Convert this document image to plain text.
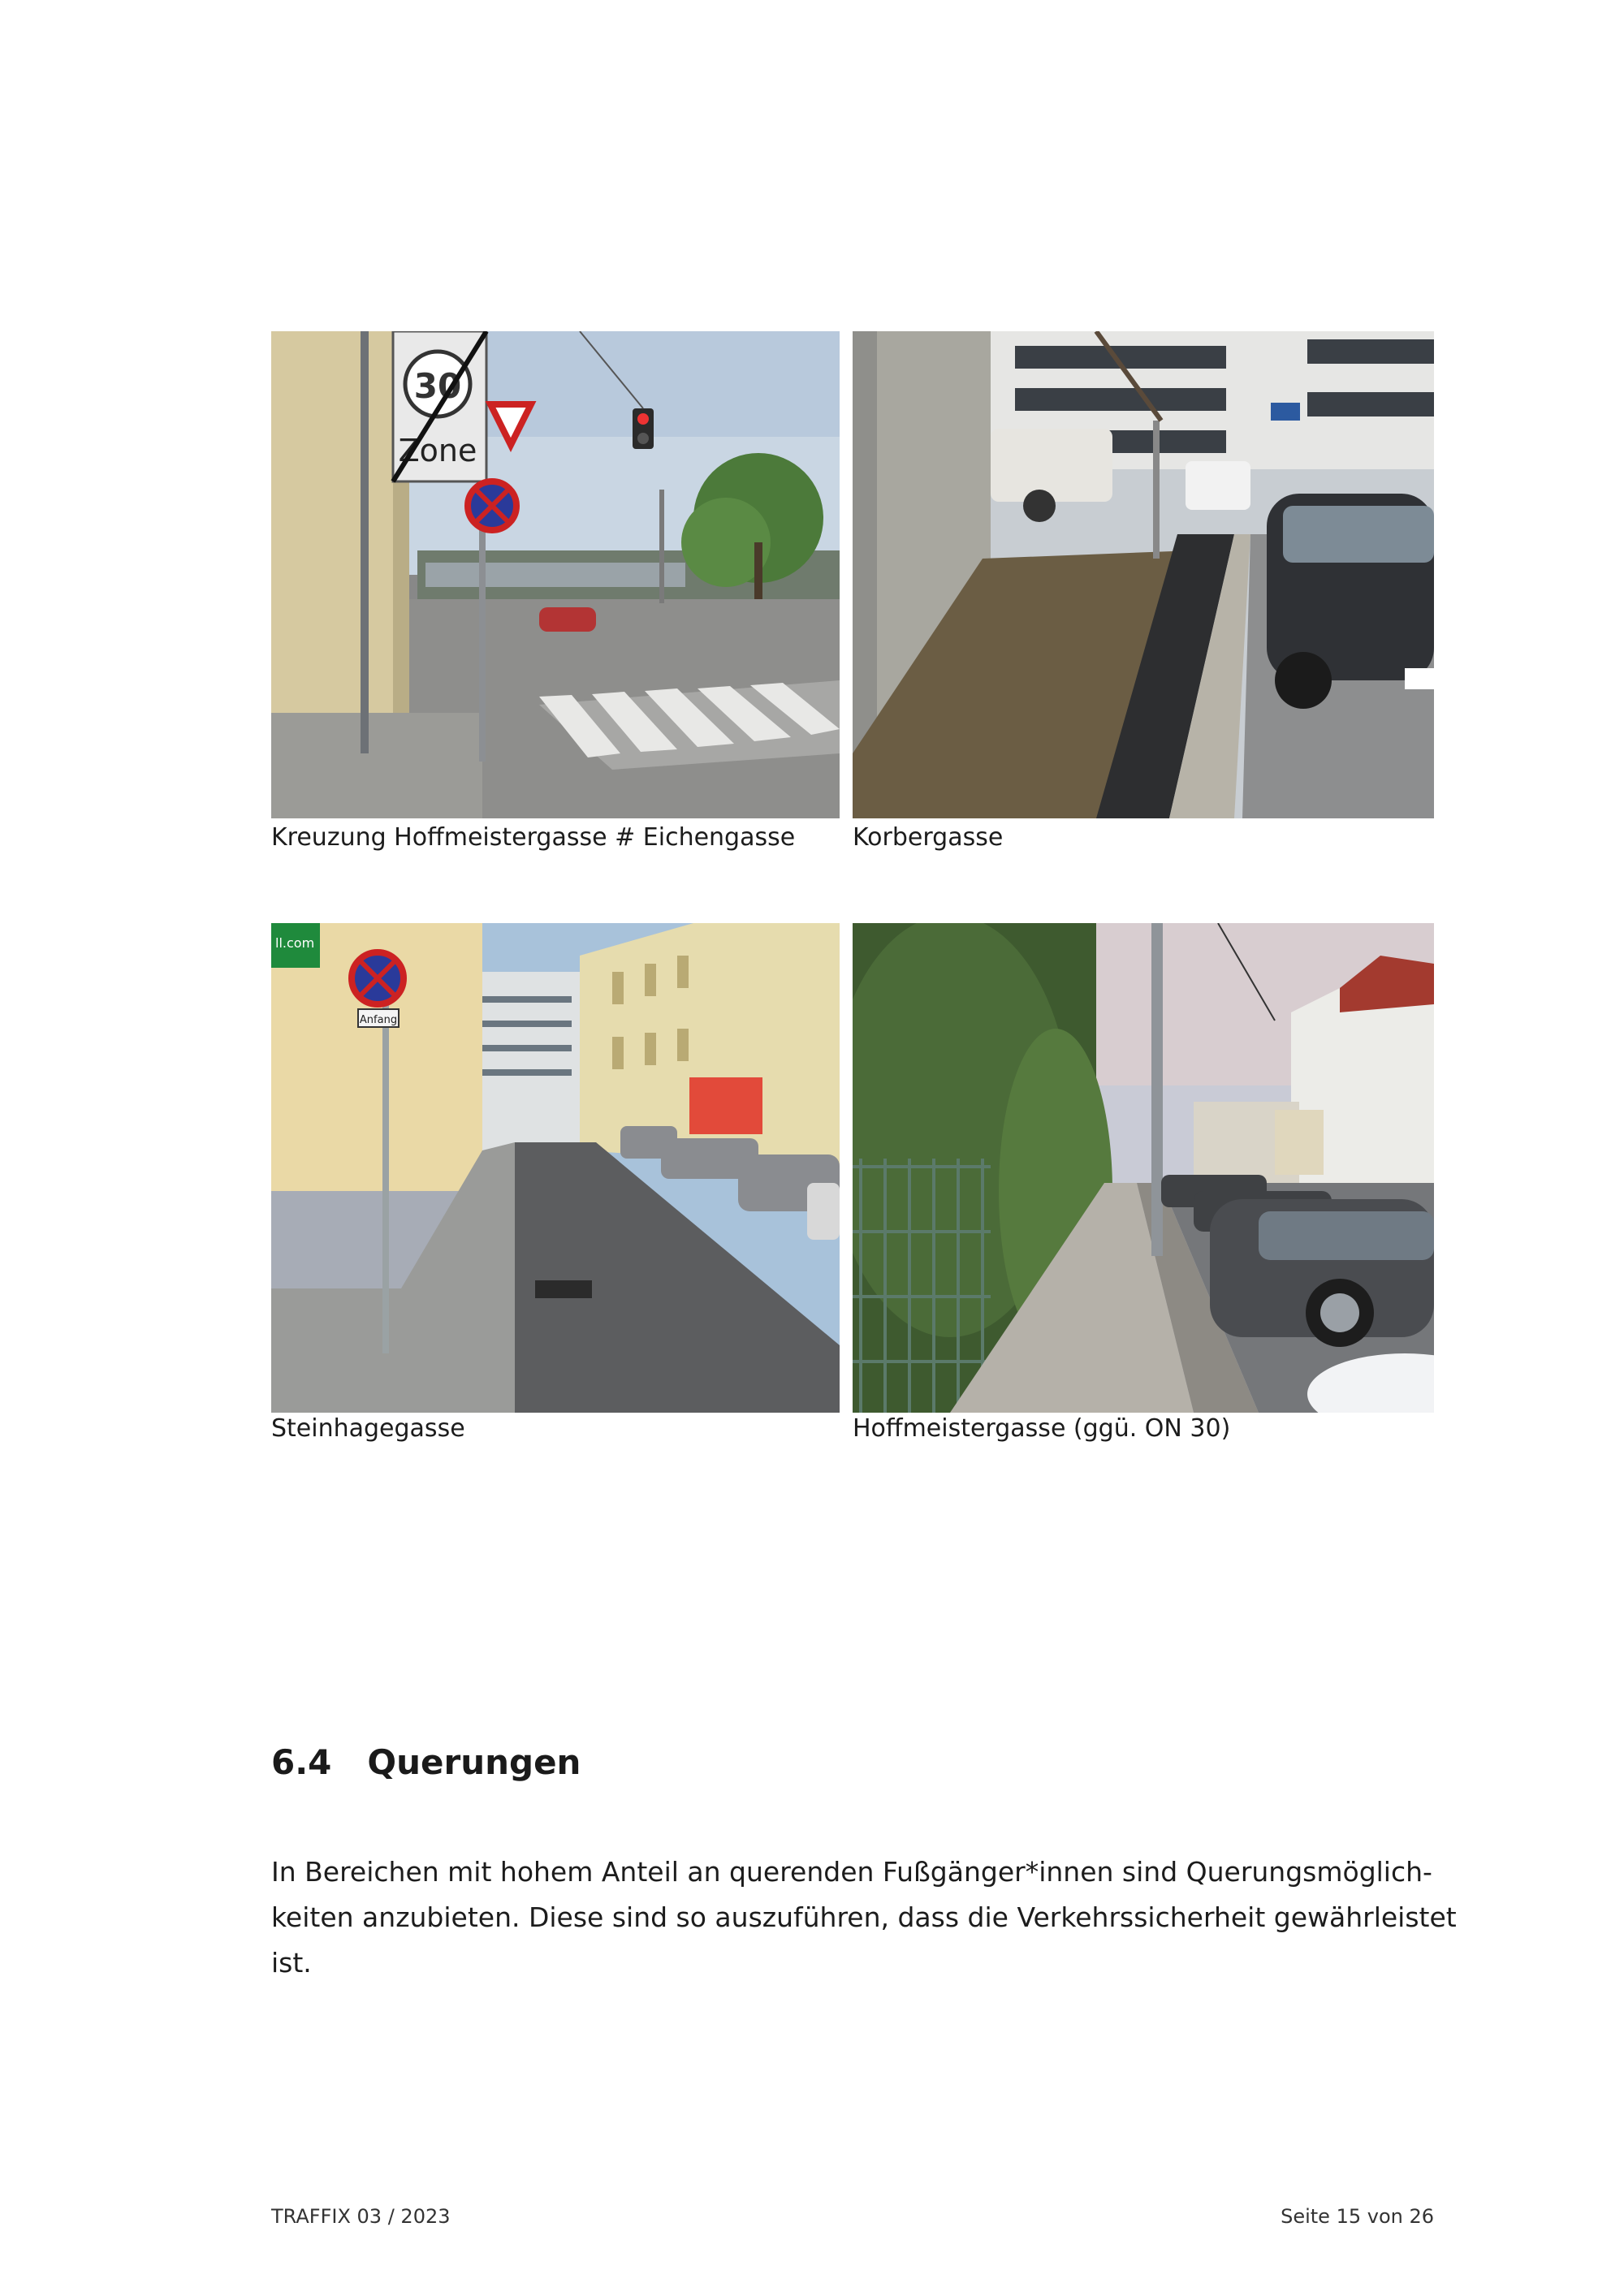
30
Zone
Kreuzung Hoffmeistergasse # Eichengasse Korbergasse
ll.com
Anfang
Steinhagegasse	Hoffmeistergasse (ggü. ON 30)
6.4 Querungen
In Bereichen mit hohem Anteil an querenden Fußgänger*innen sind Querungsmöglich-
keiten anzubieten. Diese sind so auszuführen, dass die Verkehrssicherheit gewährleistet
ist.
TRAFFIX 03 / 2023	Seite 15 von 26
